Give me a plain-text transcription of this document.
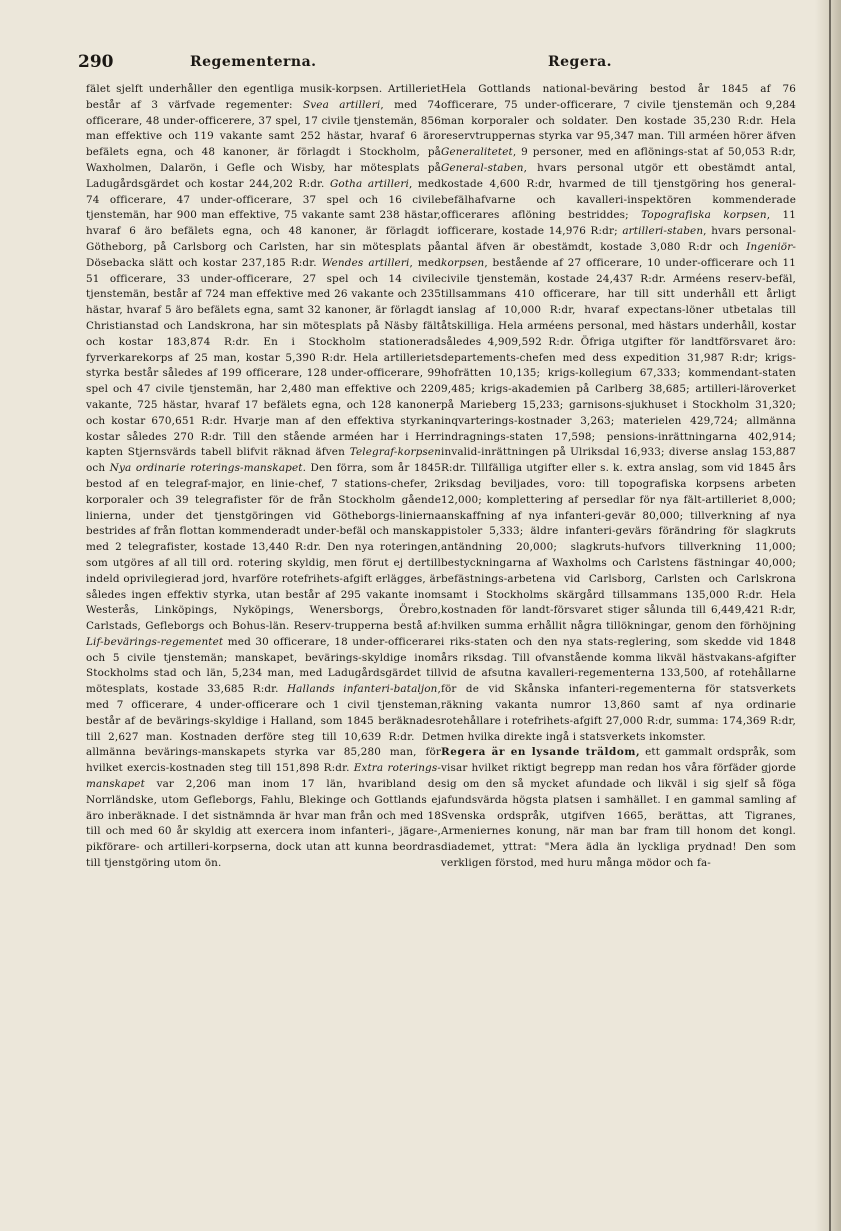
290	Regementerna.	Regera.

fälet sjelft underhåller den egentliga musik-korpsen. Artilleriet består af 3 värfvade regementer: Svea artilleri, med 74 officerare, 48 under-officerere, 37 spel, 17 civile tjenstemän, 856 man effektive och 119 vakante samt 252 hästar, hvaraf 6 äro befälets egna, och 48 kanoner, är förlagdt i Stockholm, på Waxholmen, Dalarön, i Gefle och Wisby, har mötesplats på Ladugårdsgärdet och kostar 244,202 R:dr. Gotha artilleri, med 74 officerare, 47 under-officerare, 37 spel och 16 civile tjenstemän, har 900 man effektive, 75 vakante samt 238 hästar, hvaraf 6 äro befälets egna, och 48 kanoner, är förlagdt i Götheborg, på Carlsborg och Carlsten, har sin mötesplats på Dösebacka slätt och kostar 237,185 R:dr. Wendes artilleri, med 51 officerare, 33 under-officerare, 27 spel och 14 civile tjenstemän, består af 724 man effektive med 26 vakante och 235 hästar, hvaraf 5 äro befälets egna, samt 32 kanoner, är förlagdt i Christianstad och Landskrona, har sin mötesplats på Näsby fält och kostar 183,874 R:dr. En i Stockholm stationerad fyrverkarekorps af 25 man, kostar 5,390 R:dr. Hela artilleriets styrka består således af 199 officerare, 128 under-officerare, 99 spel och 47 civile tjenstemän, har 2,480 man effektive och 220 vakante, 725 hästar, hvaraf 17 befälets egna, och 128 kanoner och kostar 670,651 R:dr. Hvarje man af den effektiva styrkan kostar således 270 R:dr. Till den stående arméen har i Herr kapten Stjernsvärds tabell blifvit räknad äfven Telegraf-korpsen och Nya ordinarie roterings-manskapet. Den förra, som år 1845 bestod af en telegraf-major, en linie-chef, 7 stations-chefer, 2 korporaler och 39 telegrafister för de från Stockholm gående linierna, under det tjenstgöringen vid Götheborgs-linierna bestrides af från flottan kommenderadt under-befäl och manskap med 2 telegrafister, kostade 13,440 R:dr. Den nya roteringen, som utgöres af all till ord. rotering skyldig, men förut ej dertill indeld oprivilegierad jord, hvarföre rotefrihets-afgift erlägges, är således ingen effektiv styrka, utan består af 295 vakante inom Westerås, Linköpings, Nyköpings, Wenersborgs, Örebro, Carlstads, Gefleborgs och Bohus-län. Reserv-trupperna bestå af: Lif-bevärings-regementet med 30 officerare, 18 under-officerare och 5 civile tjenstemän; manskapet, bevärings-skyldige inom Stockholms stad och län, 5,234 man, med Ladugårdsgärdet till mötesplats, kostade 33,685 R:dr. Hallands infanteri-bataljon, med 7 officerare, 4 under-officerare och 1 civil tjensteman, består af de bevärings-skyldige i Halland, som 1845 beräknades till 2,627 man. Kostnaden derföre steg till 10,639 R:dr. Det allmänna bevärings-manskapets styrka var 85,280 man, för hvilket exercis-kostnaden steg till 151,898 R:dr. Extra roterings-manskapet var 2,206 man inom 17 län, hvaribland de Norrländske, utom Gefleborgs, Fahlu, Blekinge och Gottlands ej äro inberäknade. I det sistnämnda är hvar man från och med 18 till och med 60 år skyldig att exercera inom infanteri-, jägare-, pikförare- och artilleri-korpserna, dock utan att kunna beordras till tjenstgöring utom ön.

Hela Gottlands national-beväring bestod år 1845 af 76 officerare, 75 under-officerare, 7 civile tjenstemän och 9,284 man korporaler och soldater. Den kostade 35,230 R:dr. Hela reservtruppernas styrka var 95,347 man. Till arméen hörer äfven Generalitetet, 9 personer, med en aflönings-stat af 50,053 R:dr, General-staben, hvars personal utgör ett obestämdt antal, kostade 4,600 R:dr, hvarmed de till tjenstgöring hos general-befälhafvarne och kavalleri-inspektören kommenderade officerares aflöning bestriddes; Topografiska korpsen, 11 officerare, kostade 14,976 R:dr; artilleri-staben, hvars personal-antal äfven är obestämdt, kostade 3,080 R:dr och Ingeniör-korpsen, bestående af 27 officerare, 10 under-officerare och 11 civile tjenstemän, kostade 24,437 R:dr. Arméens reserv-befäl, tillsammans 410 officerare, har till sitt underhåll ett årligt anslag af 10,000 R:dr, hvaraf expectans-löner utbetalas till åtskilliga. Hela arméens personal, med hästars underhåll, kostar således 4,909,592 R:dr. Öfriga utgifter för landtförsvaret äro: departements-chefen med dess expedition 31,987 R:dr; krigs-hofrätten 10,135; krigs-kollegium 67,333; kommendant-staten 9,485; krigs-akademien på Carlberg 38,685; artilleri-läroverket på Marieberg 15,233; garnisons-sjukhuset i Stockholm 31,320; inqvarterings-kostnader 3,263; materielen 429,724; allmänna indragnings-staten 17,598; pensions-inrättningarna 402,914; invalid-inrättningen på Ulriksdal 16,933; diverse anslag 153,887 R:dr. Tillfälliga utgifter eller s. k. extra anslag, som vid 1845 års riksdag beviljades, voro: till topografiska korpsens arbeten 12,000; komplettering af persedlar för nya fält-artilleriet 8,000; anskaffning af nya infanteri-gevär 80,000; tillverkning af nya pistoler 5,333; äldre infanteri-gevärs förändring för slagkruts antändning 20,000; slagkruts-hufvors tillverkning 11,000; bestyckningarna af Waxholms och Carlstens fästningar 40,000; befästnings-arbetena vid Carlsborg, Carlsten och Carlskrona samt i Stockholms skärgård tillsammans 135,000 R:dr. Hela kostnaden för landt-försvaret stiger sålunda till 6,449,421 R:dr, hvilken summa erhållit några tillökningar, genom den förhöjning i riks-staten och den nya stats-reglering, som skedde vid 1848 års riksdag. Till ofvanstående komma likväl hästvakans-afgifter vid de afsutna kavalleri-regementerna 133,500, af rotehållarne för de vid Skånska infanteri-regementerna för statsverkets räkning vakanta numror 13,860 samt af nya ordinarie rotehållare i rotefrihets-afgift 27,000 R:dr, summa: 174,369 R:dr, men hvilka direkte ingå i statsverkets inkomster.

Regera är en lysande träldom, ett gammalt ordspråk, som visar hvilket riktigt begrepp man redan hos våra förfäder gjorde sig om den så mycket afundade och likväl i sig sjelf så föga afundsvärda högsta platsen i samhället. I en gammal samling af Svenska ordspråk, utgifven 1665, berättas, att Tigranes, Armeniernes konung, när man bar fram till honom det kongl. diademet, yttrat: "Mera ädla än lyckliga prydnad! Den som verkligen förstod, med huru många mödor och fa-
